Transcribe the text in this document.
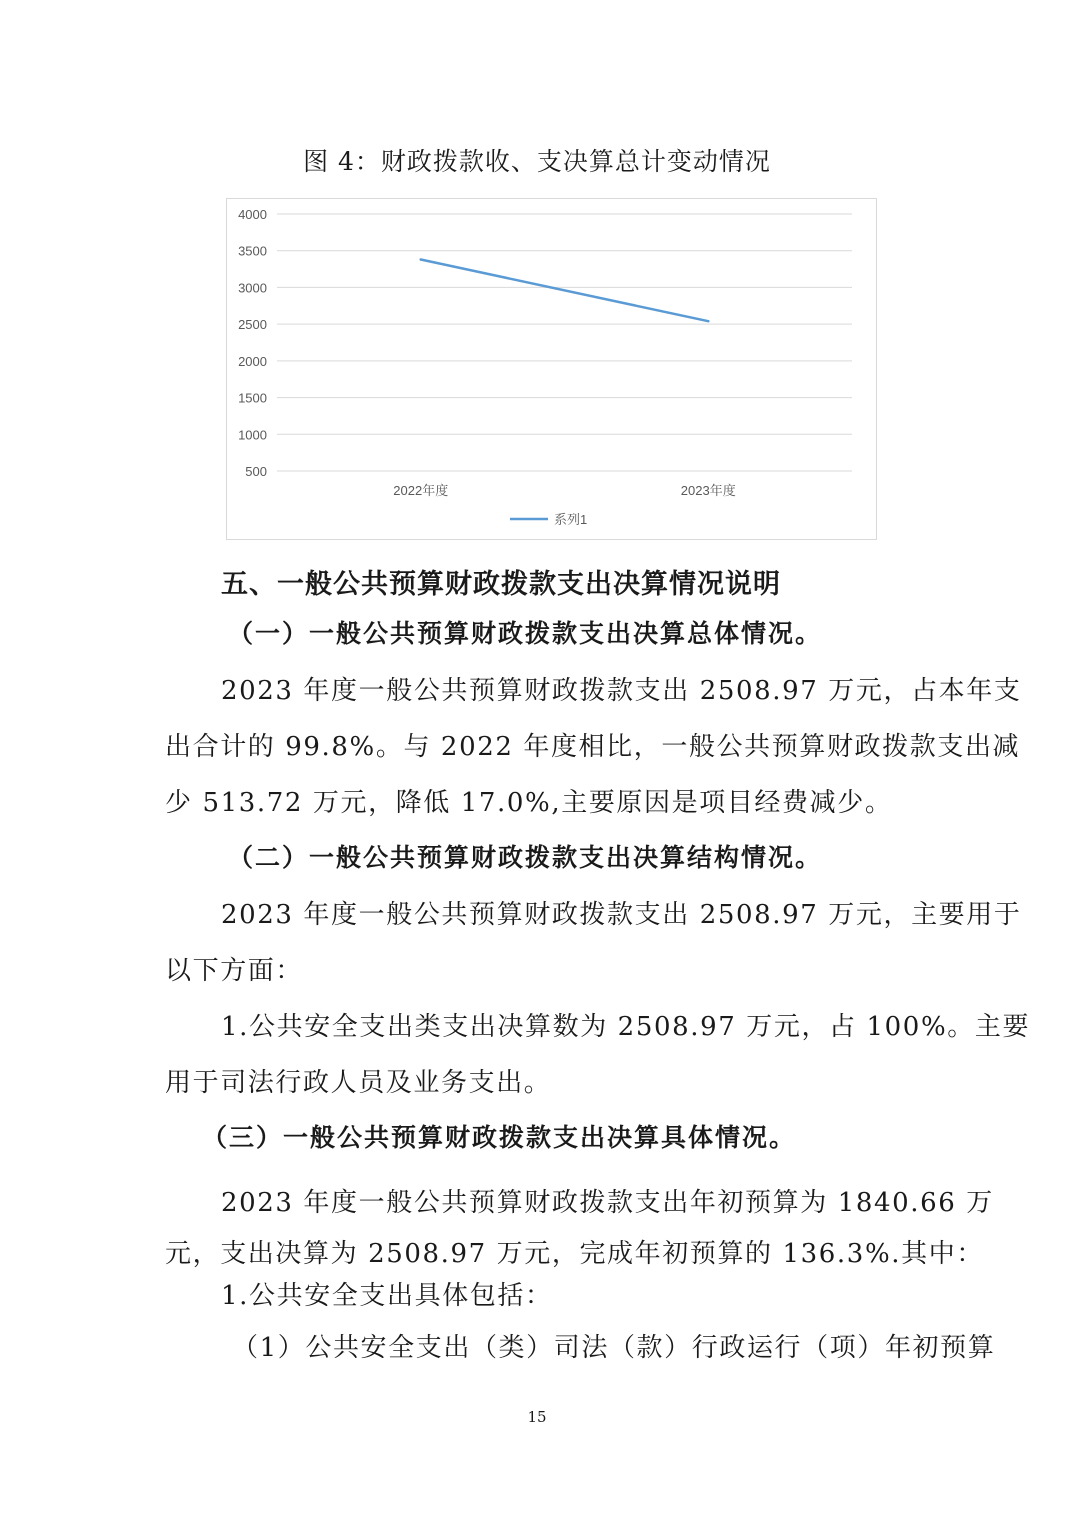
图 4：财政拨款收、支决算总计变动情况
4000
3500
3000
2500
2000
1500
1000
500
2022年度	2023年度
系列1
五、一般公共预算财政拨款支出决算情况说明
（一）一般公共预算财政拨款支出决算总体情况。
2023 年度一般公共预算财政拨款支出 2508.97 万元，占本年支
出合计的 99.8%。与 2022 年度相比，一般公共预算财政拨款支出减
少 513.72 万元，降低 17.0%,主要原因是项目经费减少。
（二）一般公共预算财政拨款支出决算结构情况。
2023 年度一般公共预算财政拨款支出 2508.97 万元，主要用于
以下方面：
1.公共安全支出类支出决算数为 2508.97 万元，占 100%。主要
用于司法行政人员及业务支出。
（三）一般公共预算财政拨款支出决算具体情况。
2023 年度一般公共预算财政拨款支出年初预算为 1840.66 万
元，支出决算为 2508.97 万元，完成年初预算的 136.3%.其中：
1.公共安全支出具体包括：
（1）公共安全支出（类）司法（款）行政运行（项）年初预算
15
